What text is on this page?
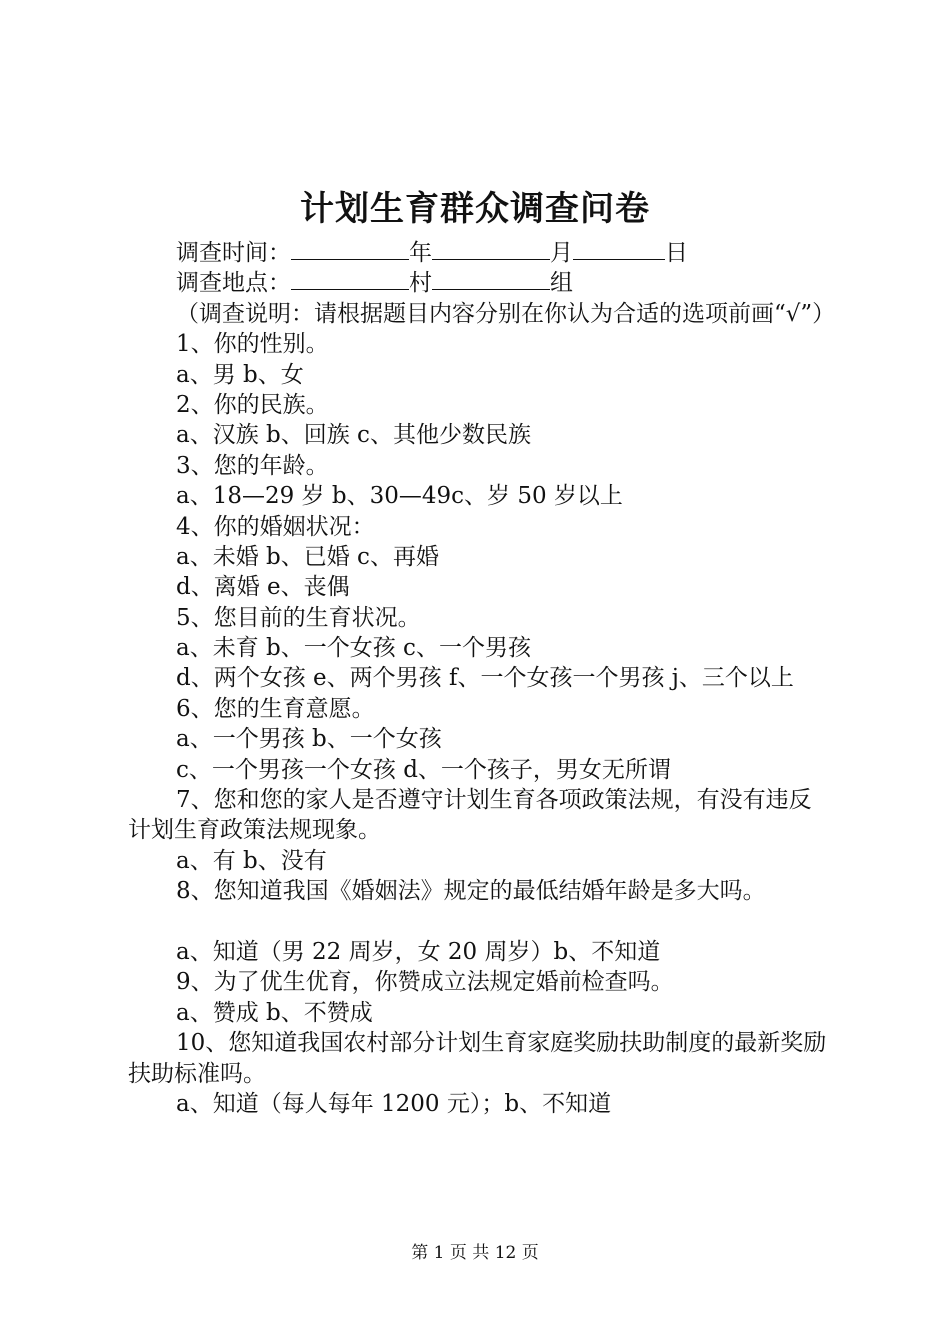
计划生育群众调查问卷
调查时间：	年	月	日
调查地点：	村	组
（调查说明：请根据题目内容分别在你认为合适的选项前画“√”）
1、你的性别。
a、男 b、女
2、你的民族。
a、汉族 b、回族 c、其他少数民族
3、您的年龄。
a、18—29 岁 b、30—49c、岁 50 岁以上
4、你的婚姻状况：
a、未婚 b、已婚 c、再婚
d、离婚 e、丧偶
5、您目前的生育状况。
a、未育 b、一个女孩 c、一个男孩
d、两个女孩 e、两个男孩 f、一个女孩一个男孩 j、三个以上
6、您的生育意愿。
a、一个男孩 b、一个女孩
c、一个男孩一个女孩 d、一个孩子，男女无所谓
7、您和您的家人是否遵守计划生育各项政策法规，有没有违反计划生育政策法规现象。
a、有 b、没有
8、您知道我国《婚姻法》规定的最低结婚年龄是多大吗。
a、知道（男 22 周岁，女 20 周岁）b、不知道
9、为了优生优育，你赞成立法规定婚前检查吗。
a、赞成 b、不赞成
10、您知道我国农村部分计划生育家庭奖励扶助制度的最新奖励扶助标准吗。
a、知道（每人每年 1200 元）；b、不知道
第 1 页 共 12 页
